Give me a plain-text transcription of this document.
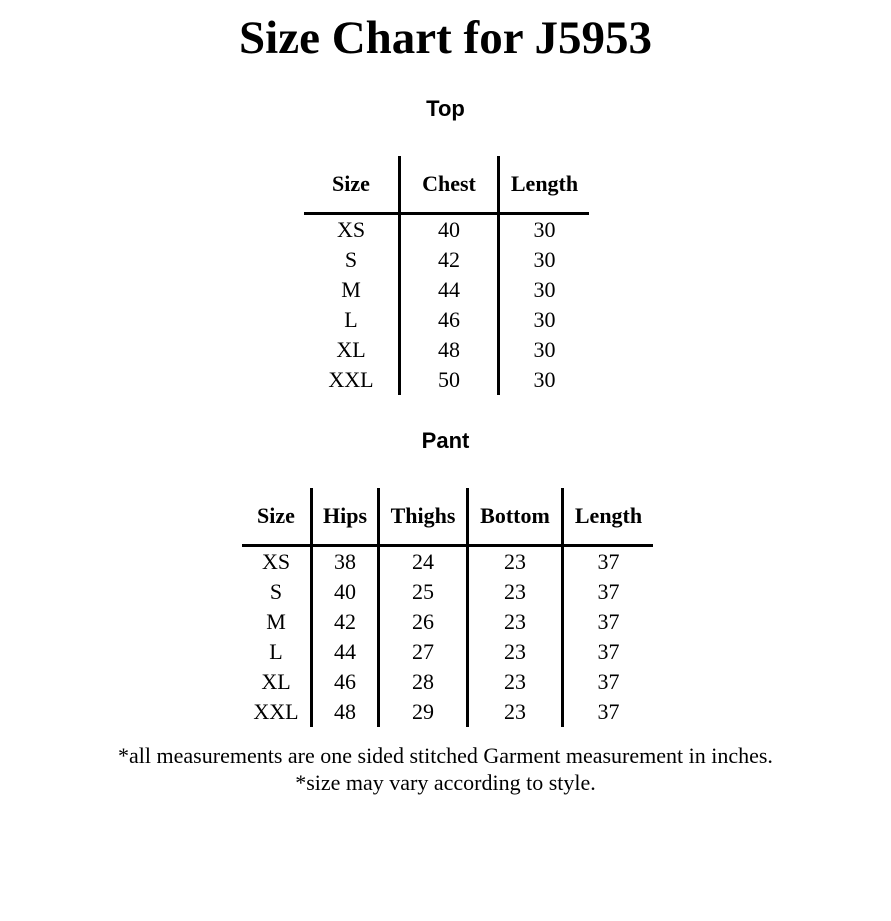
Size Chart for J5953
Top
Size	Chest	Length
XS	40	30
S	42	30
M	44	30
L	46	30
XL	48	30
XXL	50	30
Pant
Size	Hips	Thighs	Bottom	Length
XS	38	24	23	37
S	40	25	23	37
M	42	26	23	37
L	44	27	23	37
XL	46	28	23	37
XXL	48	29	23	37
*all measurements are one sided stitched Garment measurement in inches.
*size may vary according to style.
